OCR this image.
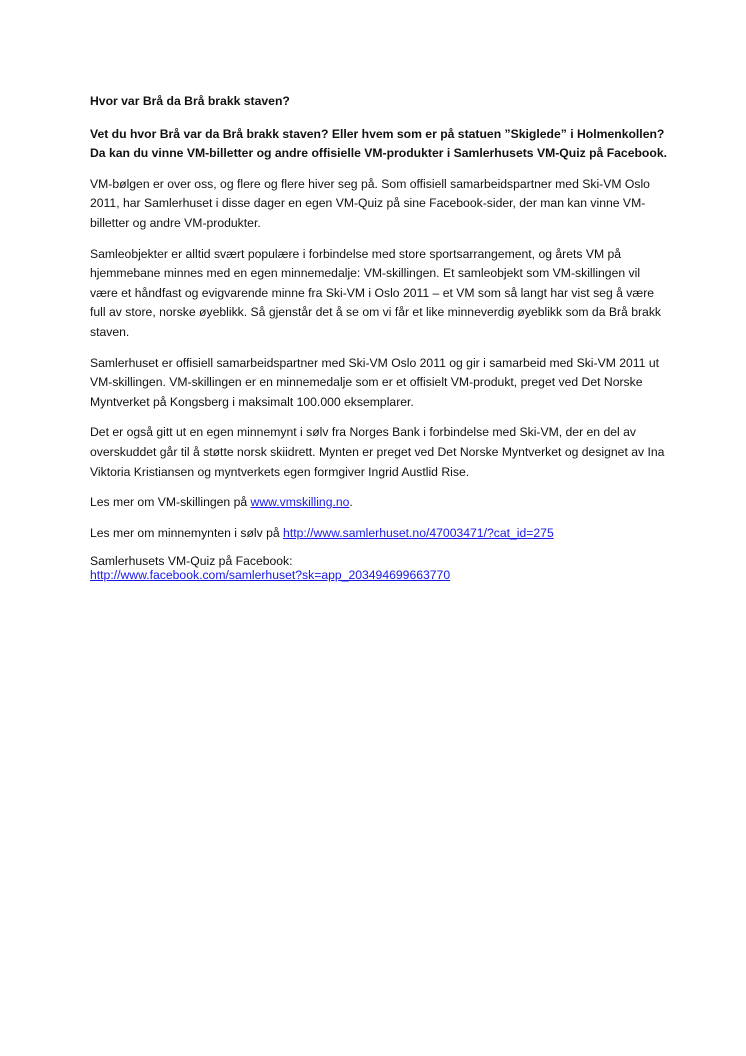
Hvor var Brå da Brå brakk staven?

Vet du hvor Brå var da Brå brakk staven? Eller hvem som er på statuen ”Skiglede” i Holmenkollen? Da kan du vinne VM-billetter og andre offisielle VM-produkter i Samlerhusets VM-Quiz på Facebook.

VM-bølgen er over oss, og flere og flere hiver seg på. Som offisiell samarbeidspartner med Ski-VM Oslo 2011, har Samlerhuset i disse dager en egen VM-Quiz på sine Facebook-sider, der man kan vinne VM-billetter og andre VM-produkter.

Samleobjekter er alltid svært populære i forbindelse med store sportsarrangement, og årets VM på hjemmebane minnes med en egen minnemedalje: VM-skillingen. Et samleobjekt som VM-skillingen vil være et håndfast og evigvarende minne fra Ski-VM i Oslo 2011 – et VM som så langt har vist seg å være full av store, norske øyeblikk. Så gjenstår det å se om vi får et like minneverdig øyeblikk som da Brå brakk staven.

Samlerhuset er offisiell samarbeidspartner med Ski-VM Oslo 2011 og gir i samarbeid med Ski-VM 2011 ut VM-skillingen. VM-skillingen er en minnemedalje som er et offisielt VM-produkt, preget ved Det Norske Myntverket på Kongsberg i maksimalt 100.000 eksemplarer.

Det er også gitt ut en egen minnemynt i sølv fra Norges Bank i forbindelse med Ski-VM, der en del av overskuddet går til å støtte norsk skiidrett. Mynten er preget ved Det Norske Myntverket og designet av Ina Viktoria Kristiansen og myntverkets egen formgiver Ingrid Austlid Rise.

Les mer om VM-skillingen på www.vmskilling.no.

Les mer om minnemynten i sølv på http://www.samlerhuset.no/47003471/?cat_id=275

Samlerhusets VM-Quiz på Facebook:
http://www.facebook.com/samlerhuset?sk=app_203494699663770
